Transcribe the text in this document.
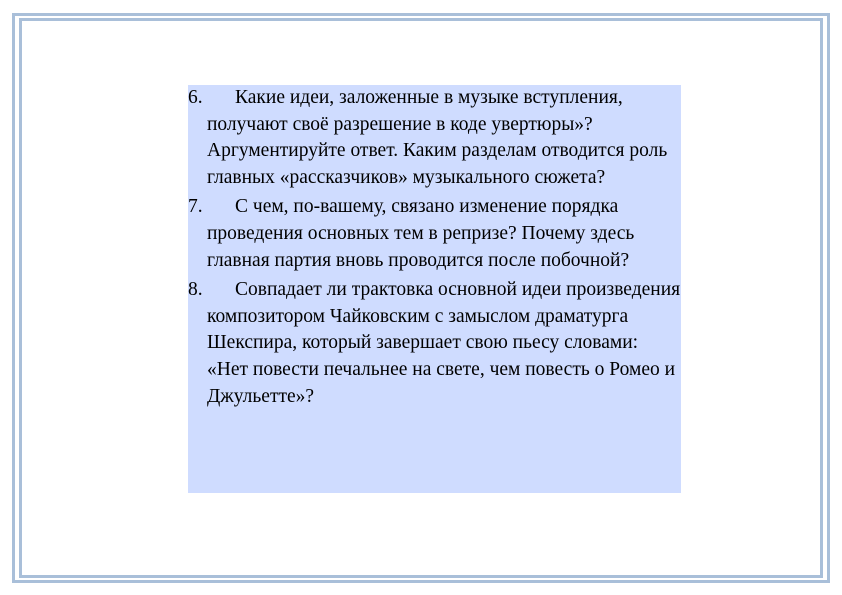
6.	Какие идеи, заложенные в музыке вступления, получают своё разрешение в коде увертюры»? Аргументируйте ответ. Каким разделам отводится роль главных «рассказчиков» музыкального сюжета?
7.	С чем, по-вашему, связано изменение порядка проведения основных тем в репризе? Почему здесь главная партия вновь проводится после побочной?
8.	Совпадает ли трактовка основной идеи произведения композитором Чайковским с замыслом драматурга Шекспира, который завершает свою пьесу словами: «Нет повести печальнее на свете, чем повесть о Ромео и Джульетте»?
